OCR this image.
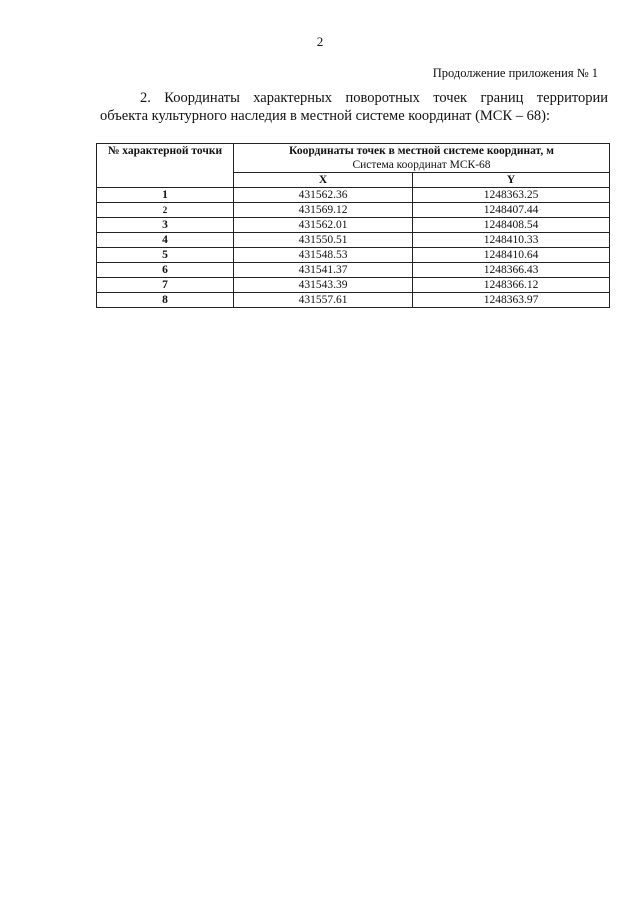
2
Продолжение приложения № 1
2. Координаты характерных поворотных точек границ территории
объекта культурного наследия в местной системе координат (МСК – 68):
№ характерной точки	Координаты точек в местной системе координат, м
Система координат МСК-68	
	X	Y
1	431562.36	1248363.25
2	431569.12	1248407.44
3	431562.01	1248408.54
4	431550.51	1248410.33
5	431548.53	1248410.64
6	431541.37	1248366.43
7	431543.39	1248366.12
8	431557.61	1248363.97
